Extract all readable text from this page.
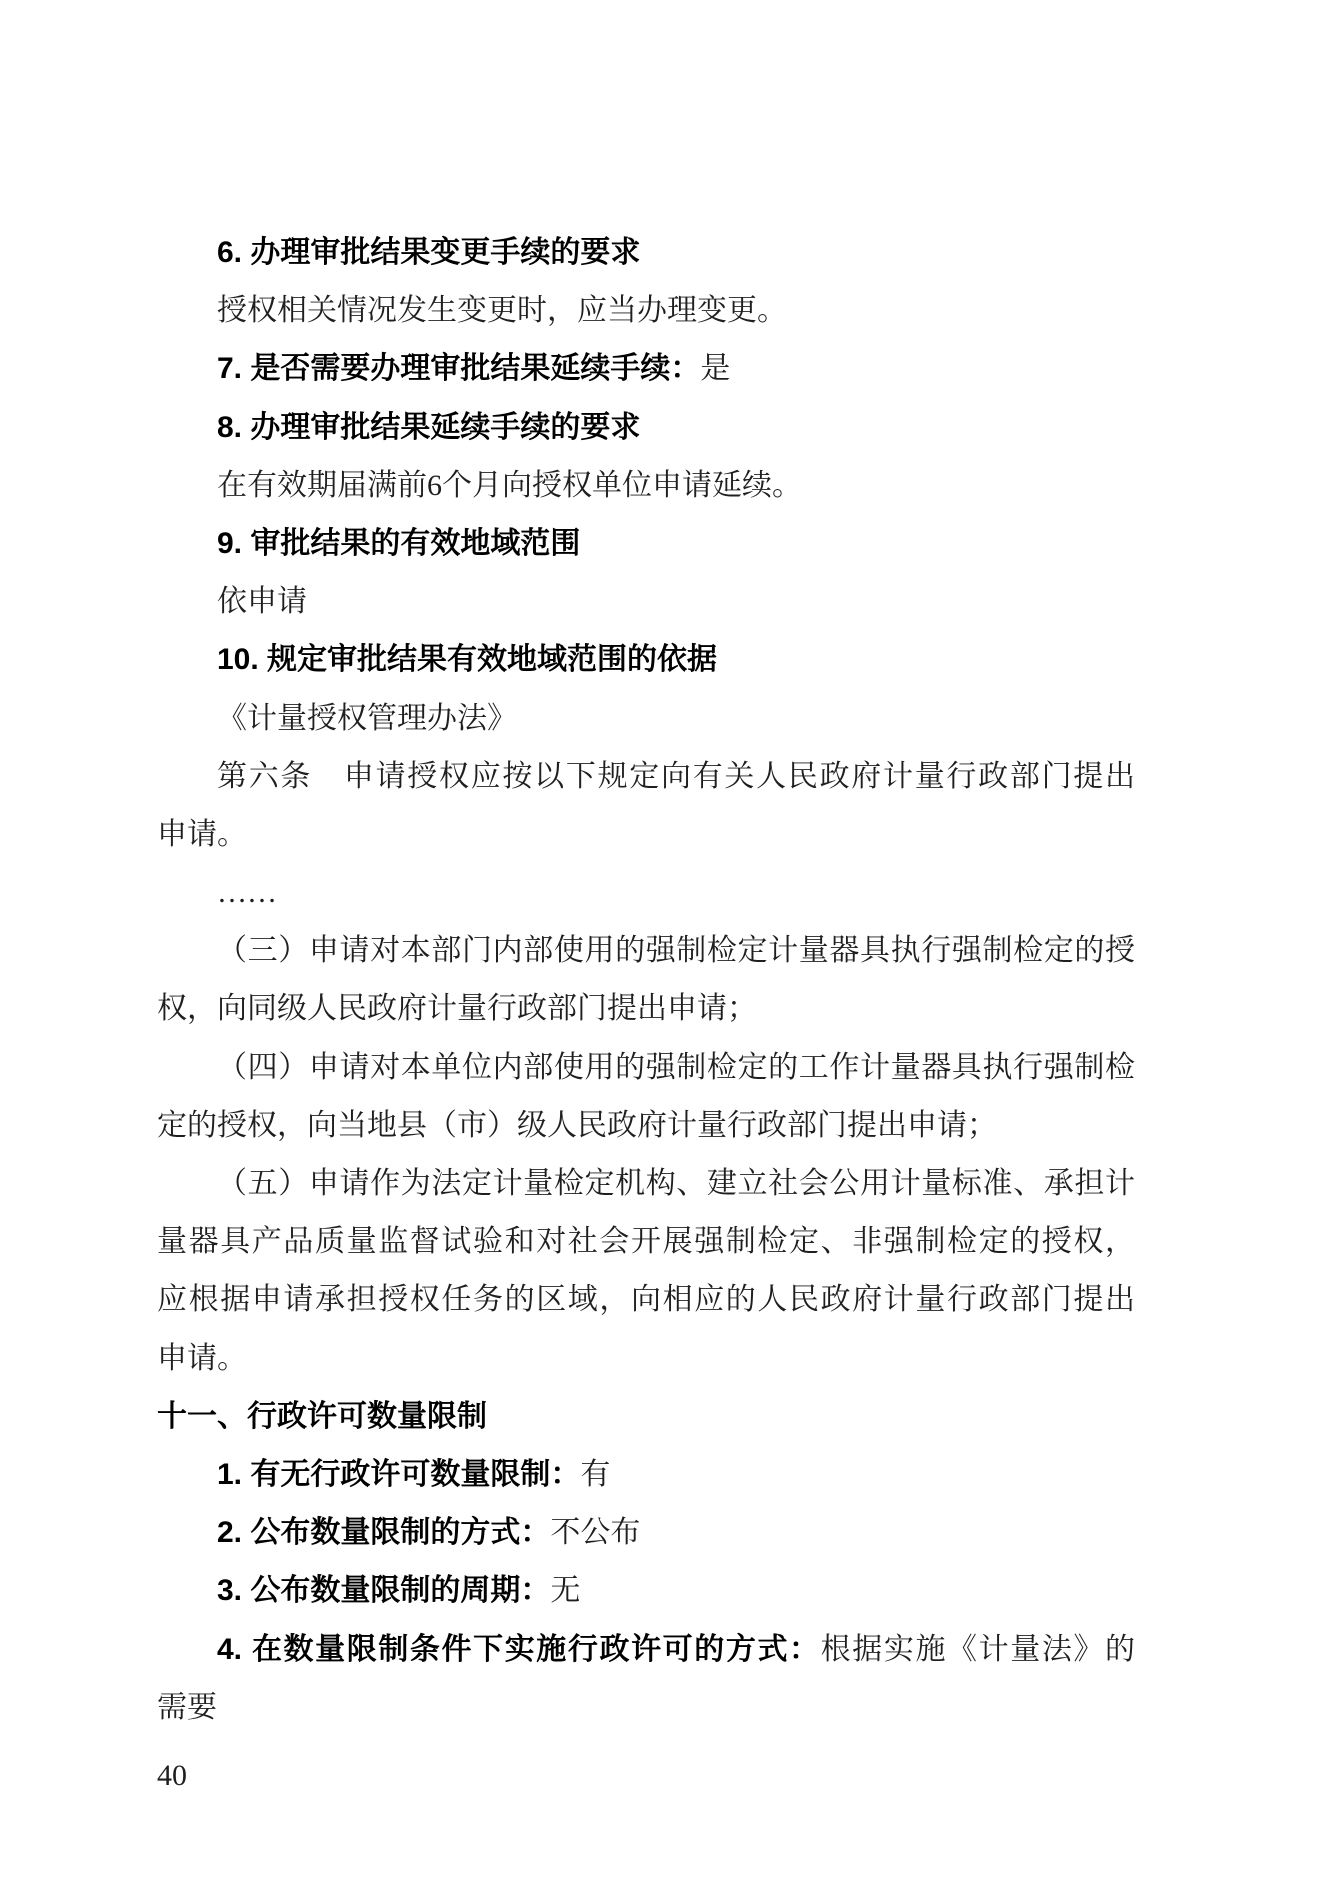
6. 办理审批结果变更手续的要求
授权相关情况发生变更时，应当办理变更。
7. 是否需要办理审批结果延续手续：是
8. 办理审批结果延续手续的要求
在有效期届满前6个月向授权单位申请延续。
9. 审批结果的有效地域范围
依申请
10. 规定审批结果有效地域范围的依据
《计量授权管理办法》
第六条　申请授权应按以下规定向有关人民政府计量行政部门提出
申请。
……
（三）申请对本部门内部使用的强制检定计量器具执行强制检定的授
权，向同级人民政府计量行政部门提出申请；
（四）申请对本单位内部使用的强制检定的工作计量器具执行强制检
定的授权，向当地县（市）级人民政府计量行政部门提出申请；
（五）申请作为法定计量检定机构、建立社会公用计量标准、承担计
量器具产品质量监督试验和对社会开展强制检定、非强制检定的授权，
应根据申请承担授权任务的区域，向相应的人民政府计量行政部门提出
申请。
十一、行政许可数量限制
1. 有无行政许可数量限制：有
2. 公布数量限制的方式：不公布
3. 公布数量限制的周期：无
4. 在数量限制条件下实施行政许可的方式：根据实施《计量法》的
需要
40
